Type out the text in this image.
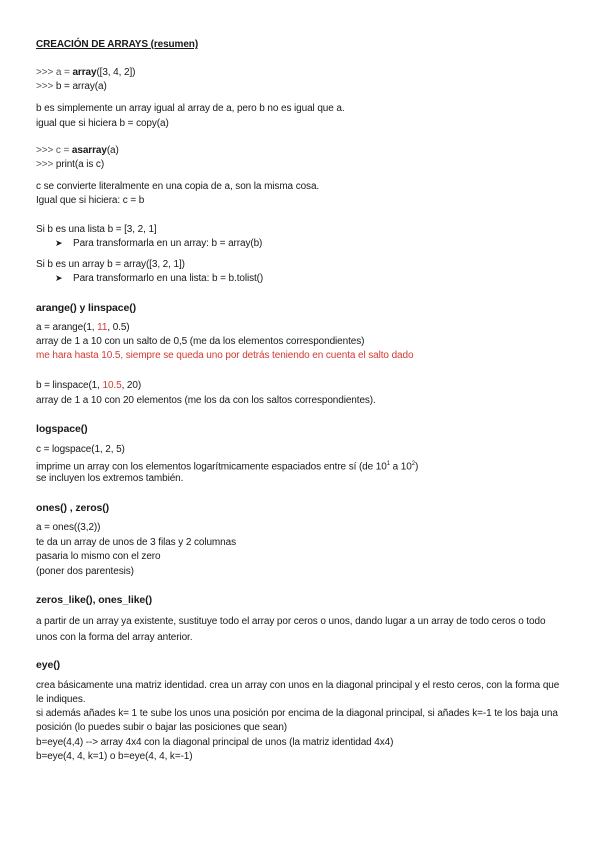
CREACIÓN DE ARRAYS (resumen)
>>> a = array([3, 4, 2])
>>> b = array(a)
b es simplemente un array igual al array de a, pero b no es igual que a.
igual que si hiciera b = copy(a)
>>> c = asarray(a)
>>> print(a is c)
c se convierte literalmente en una copia de a, son la misma cosa.
Igual que si hiciera: c = b
Si b es una lista b = [3, 2, 1]
➤ Para transformarla en un array: b = array(b)
Si b es un array b = array([3, 2, 1])
➤ Para transformarlo en una lista: b = b.tolist()
arange() y linspace()
a = arange(1, 11, 0.5)
array de 1 a 10 con un salto de 0,5 (me da los elementos correspondientes)
me hara hasta 10.5, siempre se queda uno por detrás teniendo en cuenta el salto dado
b = linspace(1, 10.5, 20)
array de 1 a 10 con 20 elementos (me los da con los saltos correspondientes).
logspace()
c = logspace(1, 2, 5)
imprime un array con los elementos logarítmicamente espaciados entre sí (de $10^1$ a $10^2$)
se incluyen los extremos también.
ones() , zeros()
a = ones((3,2))
te da un array de unos de 3 filas y 2 columnas
pasaria lo mismo con el zero
(poner dos parentesis)
zeros_like(), ones_like()
a partir de un array ya existente, sustituye todo el array por ceros o unos, dando lugar a un array de todo ceros o todo unos con la forma del array anterior.
eye()
crea básicamente una matriz identidad. crea un array con unos en la diagonal principal y el resto ceros, con la forma que le indiques.
si además añades k= 1 te sube los unos una posición por encima de la diagonal principal, si añades k=-1 te los baja una posición (lo puedes subir o bajar las posiciones que sean)
b=eye(4,4) --> array 4x4 con la diagonal principal de unos (la matriz identidad 4x4)
b=eye(4, 4, k=1) o b=eye(4, 4, k=-1)
